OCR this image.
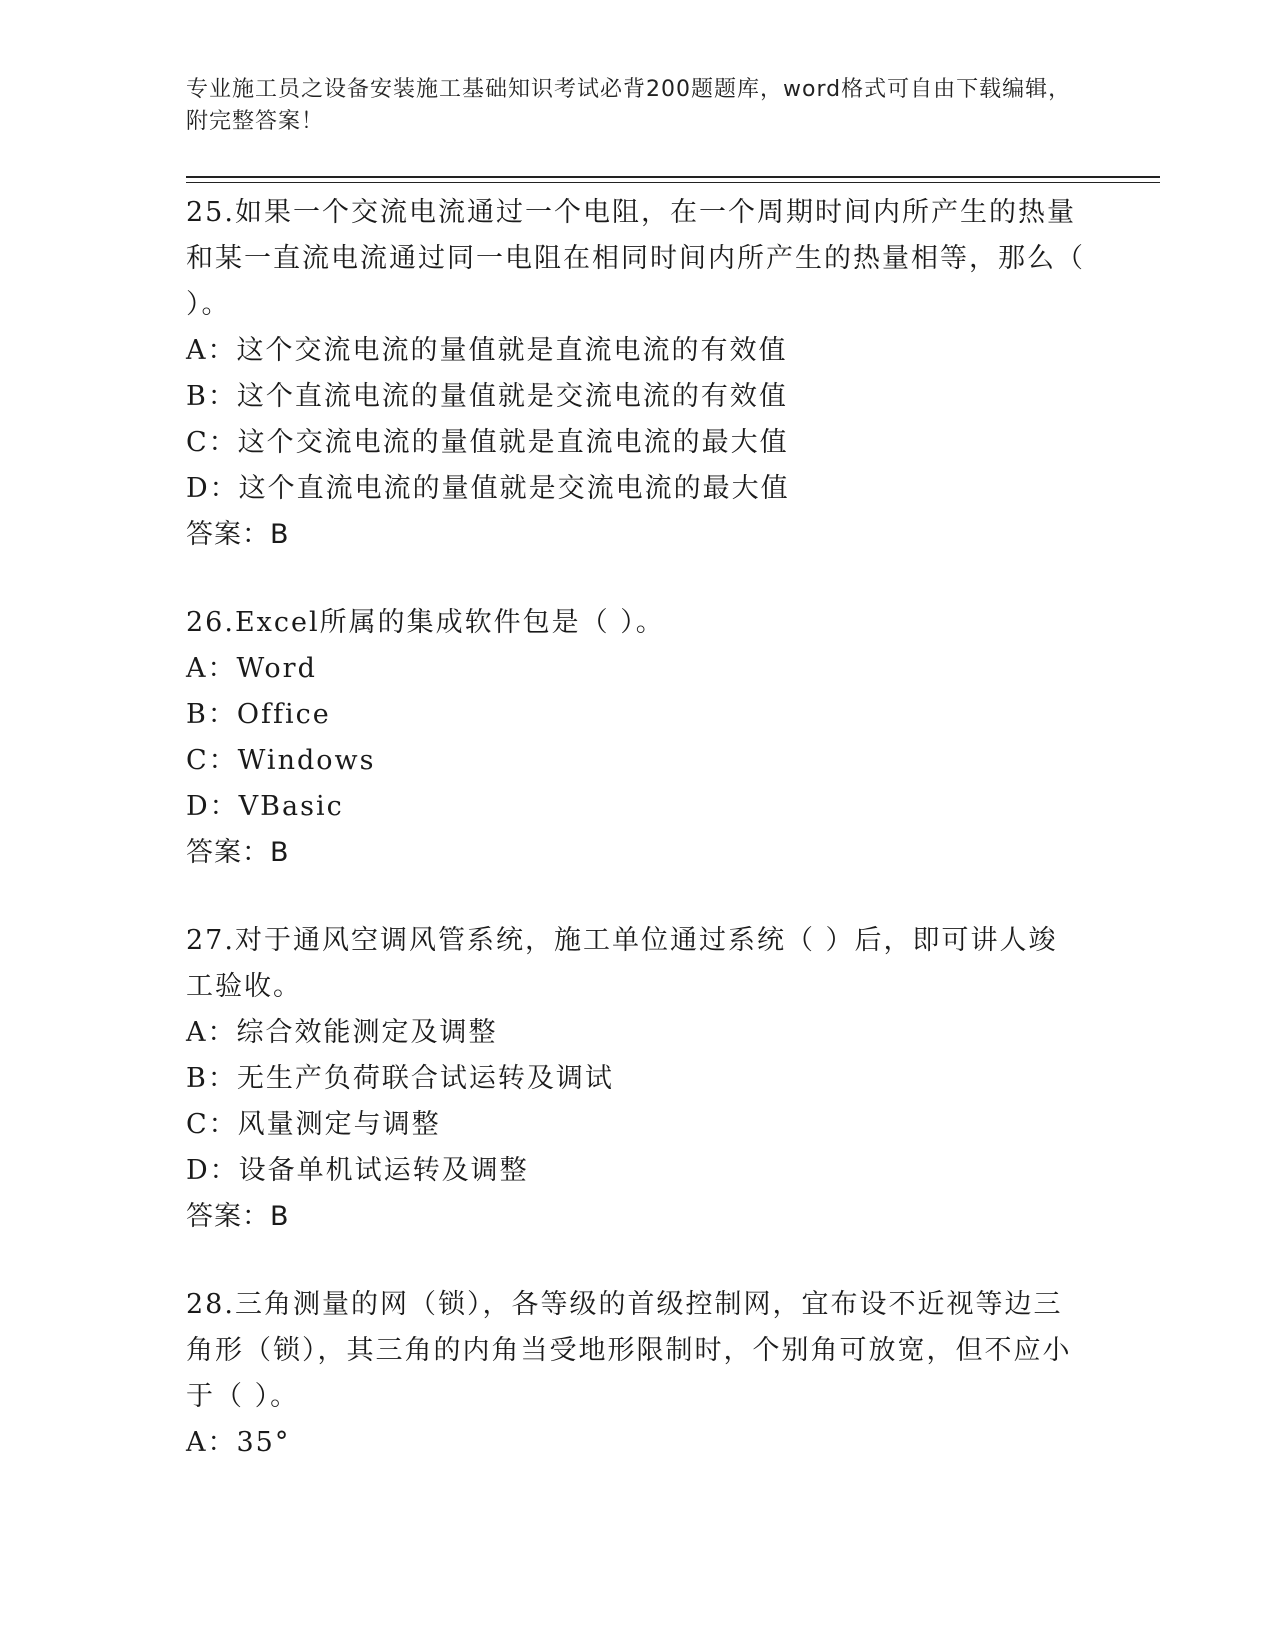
专业施工员之设备安装施工基础知识考试必背200题题库，word格式可自由下载编辑，附完整答案！
25.如果一个交流电流通过一个电阻，在一个周期时间内所产生的热量和某一直流电流通过同一电阻在相同时间内所产生的热量相等，那么（ ）。
A：这个交流电流的量值就是直流电流的有效值
B：这个直流电流的量值就是交流电流的有效值
C：这个交流电流的量值就是直流电流的最大值
D：这个直流电流的量值就是交流电流的最大值
答案：B
26.Excel所属的集成软件包是（ ）。
A：Word
B：Office
C：Windows
D：VBasic
答案：B
27.对于通风空调风管系统，施工单位通过系统（ ）后，即可讲人竣工验收。
A：综合效能测定及调整
B：无生产负荷联合试运转及调试
C：风量测定与调整
D：设备单机试运转及调整
答案：B
28.三角测量的网（锁），各等级的首级控制网，宜布设不近视等边三角形（锁），其三角的内角当受地形限制时，个别角可放宽，但不应小于（ ）。
A：35°
